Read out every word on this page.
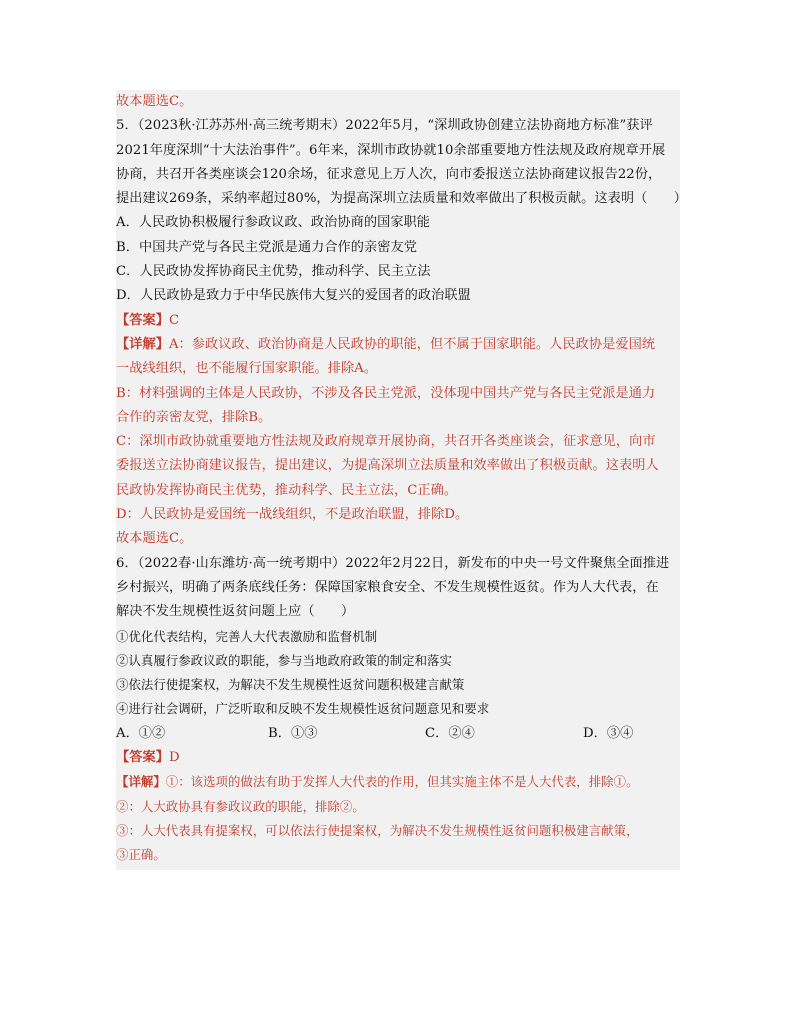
故本题选C。
5．（2023秋·江苏苏州·高三统考期末）2022年5月，“深圳政协创建立法协商地方标准”获评
2021年度深圳“十大法治事件”。6年来，深圳市政协就10余部重要地方性法规及政府规章开展
协商，共召开各类座谈会120余场，征求意见上万人次，向市委报送立法协商建议报告22份，
提出建议269条，采纳率超过80%，为提高深圳立法质量和效率做出了积极贡献。这表明（　　）
A．人民政协积极履行参政议政、政治协商的国家职能
B．中国共产党与各民主党派是通力合作的亲密友党
C．人民政协发挥协商民主优势，推动科学、民主立法
D．人民政协是致力于中华民族伟大复兴的爱国者的政治联盟
【答案】C
【详解】A：参政议政、政治协商是人民政协的职能，但不属于国家职能。人民政协是爱国统
一战线组织，也不能履行国家职能。排除A。
B：材料强调的主体是人民政协，不涉及各民主党派，没体现中国共产党与各民主党派是通力
合作的亲密友党，排除B。
C：深圳市政协就重要地方性法规及政府规章开展协商，共召开各类座谈会，征求意见，向市
委报送立法协商建议报告，提出建议，为提高深圳立法质量和效率做出了积极贡献。这表明人
民政协发挥协商民主优势，推动科学、民主立法，C正确。
D：人民政协是爱国统一战线组织，不是政治联盟，排除D。
故本题选C。
6．（2022春·山东潍坊·高一统考期中）2022年2月22日，新发布的中央一号文件聚焦全面推进
乡村振兴，明确了两条底线任务：保障国家粮食安全、不发生规模性返贫。作为人大代表，在
解决不发生规模性返贫问题上应（　　）
①优化代表结构，完善人大代表激励和监督机制
②认真履行参政议政的职能，参与当地政府政策的制定和落实
③依法行使提案权，为解决不发生规模性返贫问题积极建言献策
④进行社会调研，广泛听取和反映不发生规模性返贫问题意见和要求
A．①②	B．①③	C．②④	D．③④
【答案】D
【详解】①：该选项的做法有助于发挥人大代表的作用，但其实施主体不是人大代表，排除①。
②：人大政协具有参政议政的职能，排除②。
③：人大代表具有提案权，可以依法行使提案权，为解决不发生规模性返贫问题积极建言献策，
③正确。
